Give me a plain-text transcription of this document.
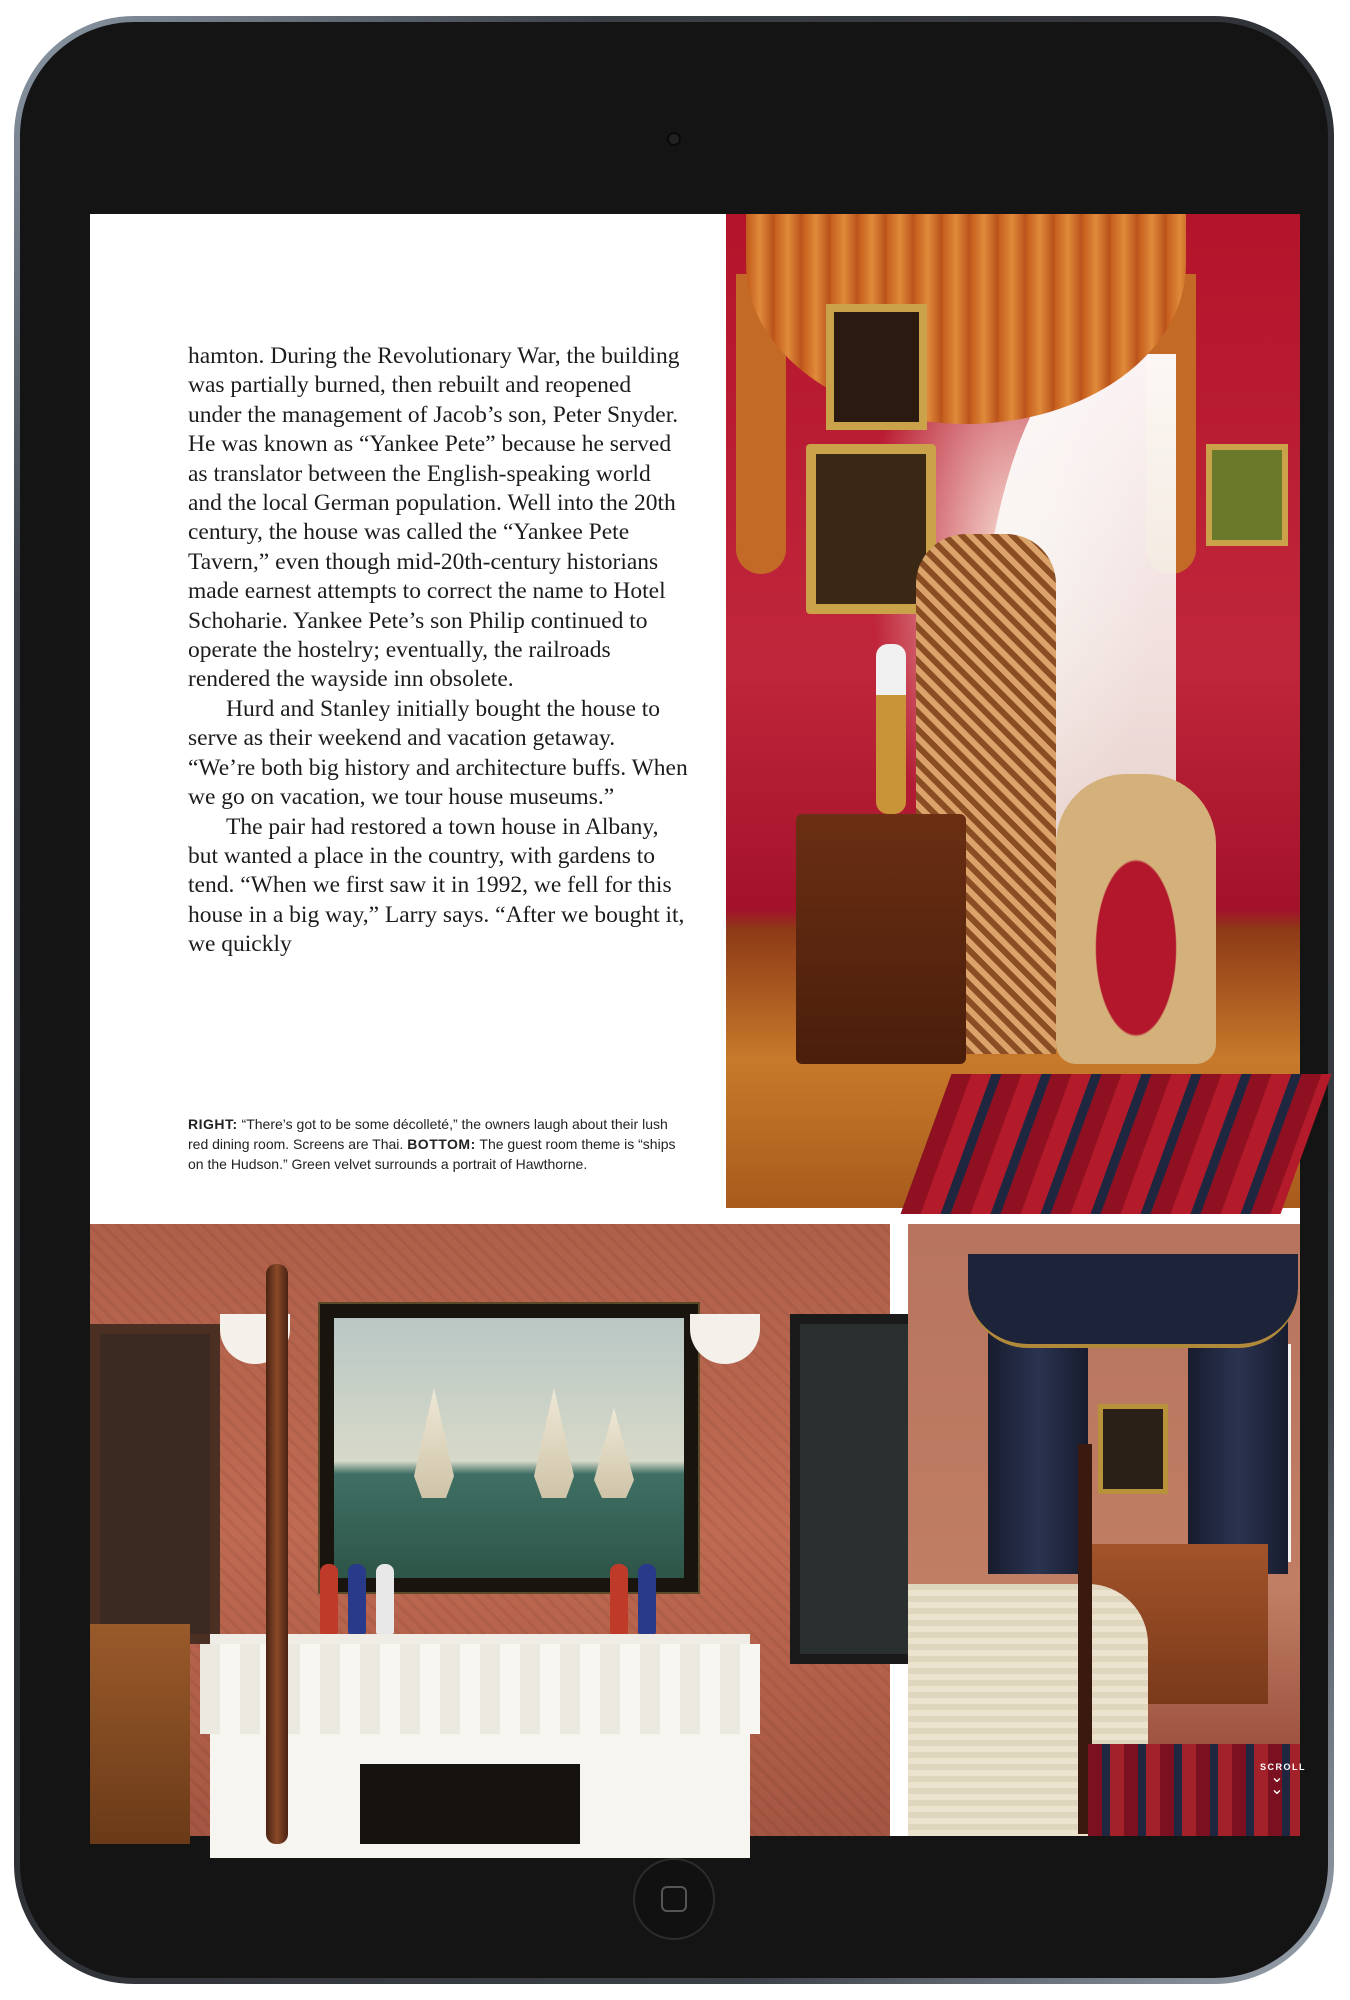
hamton. During the Revolutionary War, the building was partially burned, then rebuilt and reopened under the management of Jacob’s son, Peter Snyder. He was known as “Yankee Pete” because he served as translator between the English-speaking world and the local German population. Well into the 20th century, the house was called the “Yankee Pete Tavern,” even though mid-20th-century historians made earnest attempts to correct the name to Hotel Schoharie. Yankee Pete’s son Philip continued to operate the hostelry; eventually, the railroads rendered the wayside inn obsolete.

Hurd and Stanley initially bought the house to serve as their weekend and vacation getaway. “We’re both big history and architecture buffs. When we go on vacation, we tour house museums.”

The pair had restored a town house in Albany, but wanted a place in the country, with gardens to tend. “When we first saw it in 1992, we fell for this house in a big way,” Larry says. “After we bought it, we quickly

RIGHT: “There’s got to be some décolleté,” the owners laugh about their lush red dining room. Screens are Thai. BOTTOM: The guest room theme is “ships on the Hudson.” Green velvet surrounds a portrait of Hawthorne.
SCROLL
⌄
⌄
